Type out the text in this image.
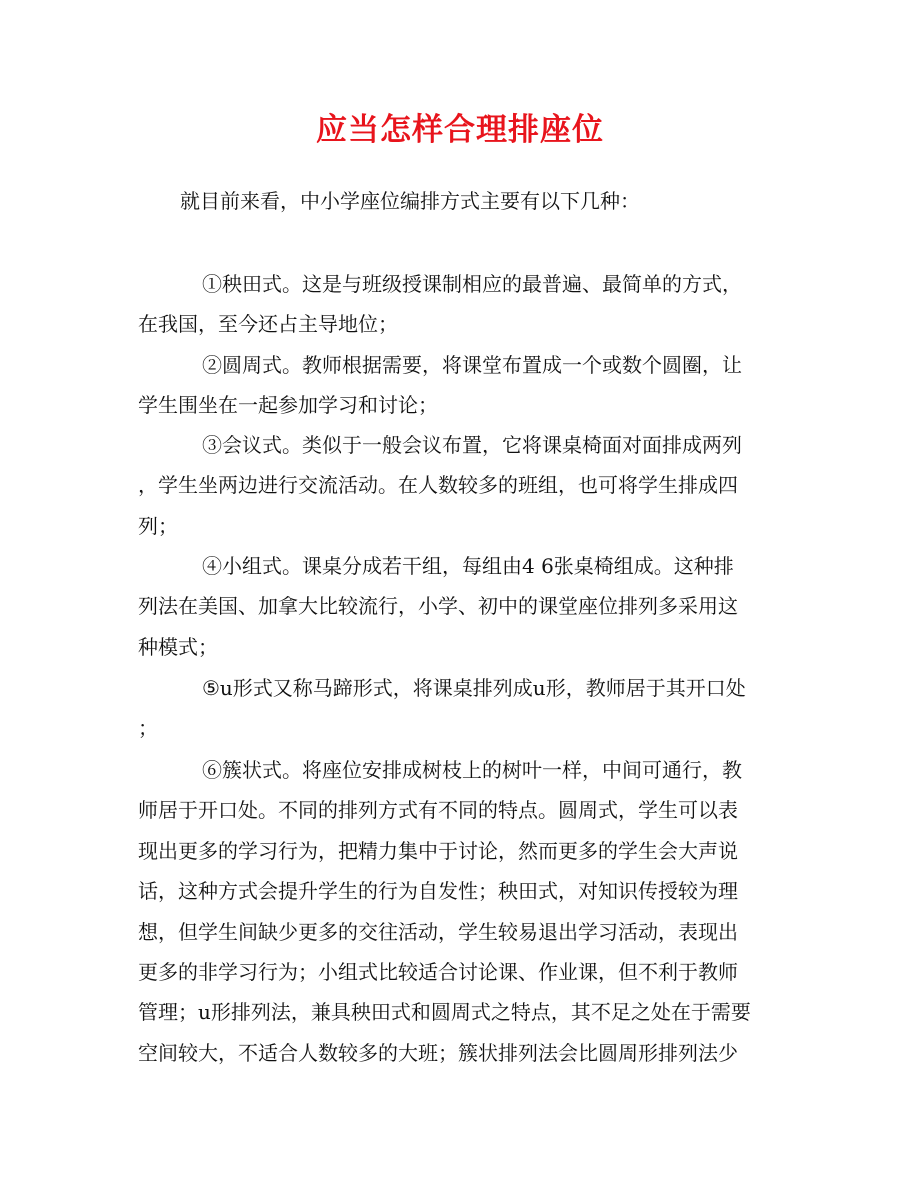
应当怎样合理排座位
就目前来看，中小学座位编排方式主要有以下几种：
①秧田式。这是与班级授课制相应的最普遍、最简单的方式，
在我国，至今还占主导地位；
②圆周式。教师根据需要，将课堂布置成一个或数个圆圈，让
学生围坐在一起参加学习和讨论；
③会议式。类似于一般会议布置，它将课桌椅面对面排成两列
，学生坐两边进行交流活动。在人数较多的班组，也可将学生排成四
列；
④小组式。课桌分成若干组，每组由4 6张桌椅组成。这种排
列法在美国、加拿大比较流行，小学、初中的课堂座位排列多采用这
种模式；
⑤u形式又称马蹄形式，将课桌排列成u形，教师居于其开口处
；
⑥簇状式。将座位安排成树枝上的树叶一样，中间可通行，教
师居于开口处。不同的排列方式有不同的特点。圆周式，学生可以表
现出更多的学习行为，把精力集中于讨论，然而更多的学生会大声说
话，这种方式会提升学生的行为自发性；秧田式，对知识传授较为理
想，但学生间缺少更多的交往活动，学生较易退出学习活动，表现出
更多的非学习行为；小组式比较适合讨论课、作业课，但不利于教师
管理；u形排列法，兼具秧田式和圆周式之特点，其不足之处在于需要
空间较大，不适合人数较多的大班；簇状排列法会比圆周形排列法少
